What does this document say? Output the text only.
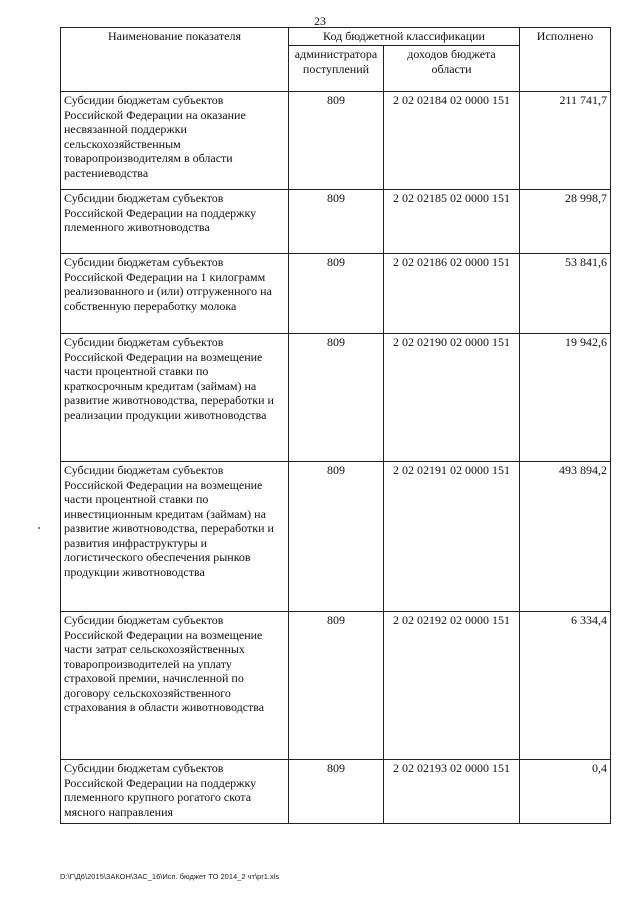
23
Наименование показателя	Код бюджетной классификации		Исполнено
	администратора поступлений	доходов бюджета области	
Субсидии бюджетам субъектов Российской Федерации на оказание несвязанной поддержки сельскохозяйственным товаропроизводителям в области растениеводства	809	2 02 02184 02 0000 151	211 741,7
Субсидии бюджетам субъектов Российской Федерации на поддержку племенного животноводства	809	2 02 02185 02 0000 151	28 998,7
Субсидии бюджетам субъектов Российской Федерации на 1 килограмм реализованного и (или) отгруженного на собственную переработку молока	809	2 02 02186 02 0000 151	53 841,6
Субсидии бюджетам субъектов Российской Федерации на возмещение части процентной ставки по краткосрочным кредитам (займам) на развитие животноводства, переработки и реализации продукции животноводства	809	2 02 02190 02 0000 151	19 942,6
Субсидии бюджетам субъектов Российской Федерации на возмещение части процентной ставки по инвестиционным кредитам (займам) на развитие животноводства, переработки и развития инфраструктуры и логистического обеспечения рынков продукции животноводства	809	2 02 02191 02 0000 151	493 894,2
Субсидии бюджетам субъектов Российской Федерации на возмещение части затрат сельскохозяйственных товаропроизводителей на уплату страховой премии, начисленной по договору сельскохозяйственного страхования в области животноводства	809	2 02 02192 02 0000 151	6 334,4
Субсидии бюджетам субъектов Российской Федерации на поддержку племенного крупного рогатого скота мясного направления	809	2 02 02193 02 0000 151	0,4
D:\Г\Д6\2015\ЗАКОН\ЗАС_16\Исп. бюджет ТО 2014_2 чт\pr1.xls
